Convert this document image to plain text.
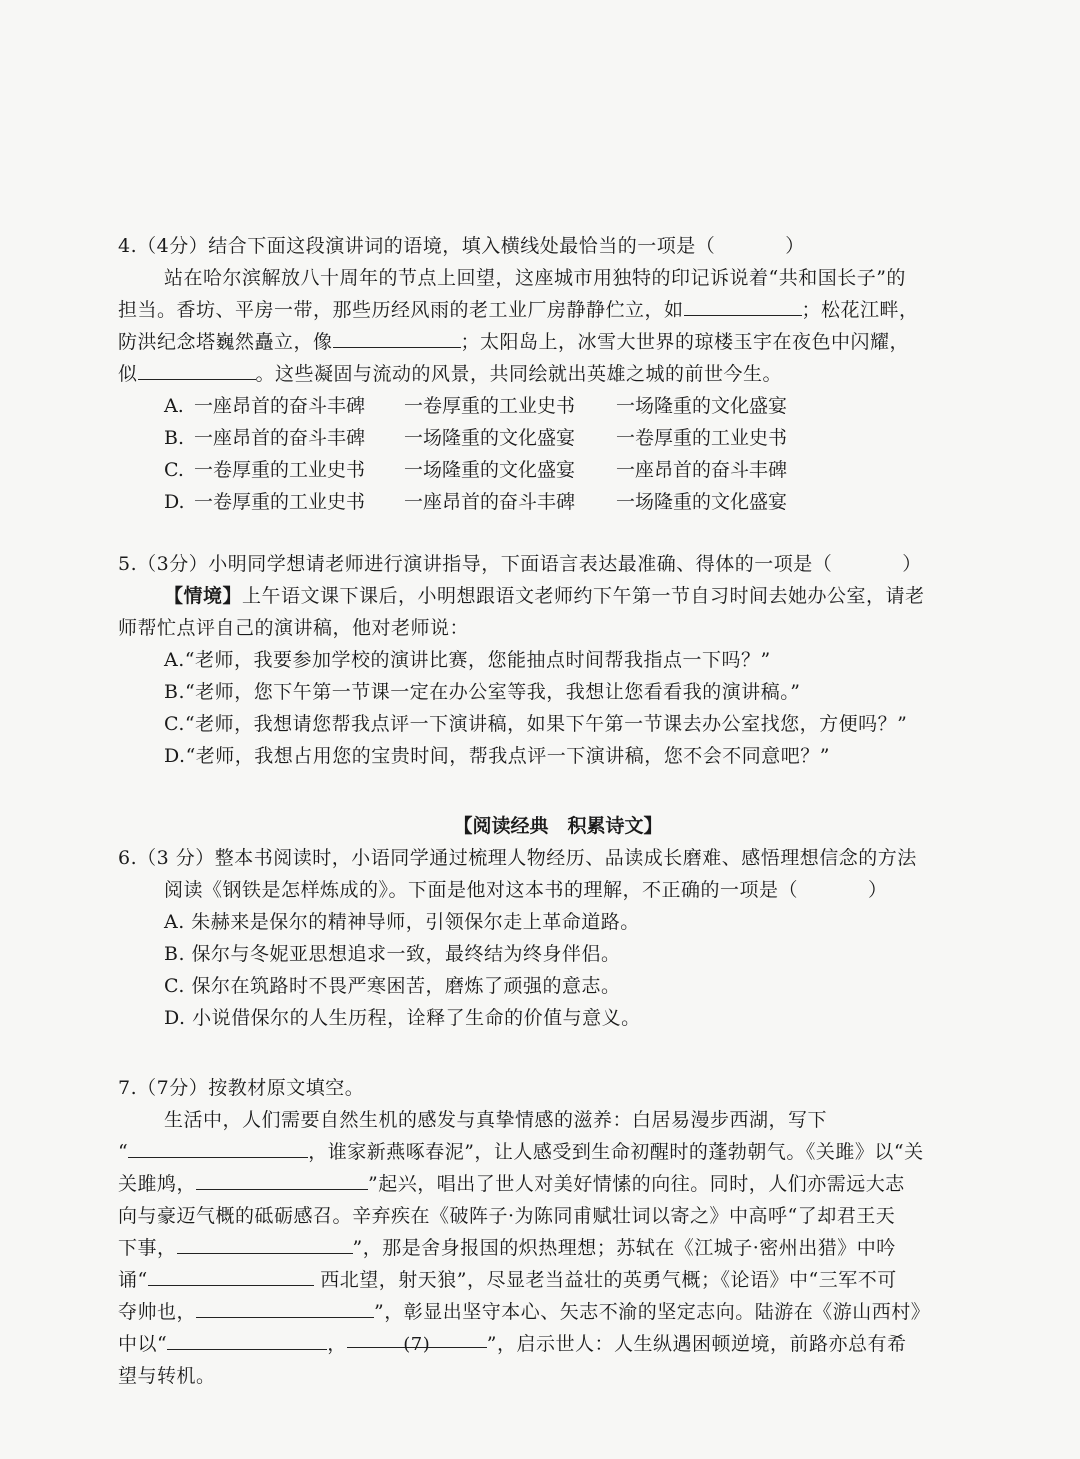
4.（4分）结合下面这段演讲词的语境，填入横线处最恰当的一项是（	）
站在哈尔滨解放八十周年的节点上回望，这座城市用独特的印记诉说着“共和国长子”的
担当。香坊、平房一带，那些历经风雨的老工业厂房静静伫立，如	；松花江畔，
防洪纪念塔巍然矗立，像	；太阳岛上，冰雪大世界的琼楼玉宇在夜色中闪耀，
似	。这些凝固与流动的风景，共同绘就出英雄之城的前世今生。
A. 一座昂首的奋斗丰碑	一卷厚重的工业史书	一场隆重的文化盛宴
B. 一座昂首的奋斗丰碑	一场隆重的文化盛宴	一卷厚重的工业史书
C. 一卷厚重的工业史书	一场隆重的文化盛宴	一座昂首的奋斗丰碑
D. 一卷厚重的工业史书	一座昂首的奋斗丰碑	一场隆重的文化盛宴
5.（3分）小明同学想请老师进行演讲指导，下面语言表达最准确、得体的一项是（	）
【情境】上午语文课下课后，小明想跟语文老师约下午第一节自习时间去她办公室，请老
师帮忙点评自己的演讲稿，他对老师说：
A.“老师，我要参加学校的演讲比赛，您能抽点时间帮我指点一下吗？”
B.“老师，您下午第一节课一定在办公室等我，我想让您看看我的演讲稿。”
C.“老师，我想请您帮我点评一下演讲稿，如果下午第一节课去办公室找您，方便吗？”
D.“老师，我想占用您的宝贵时间，帮我点评一下演讲稿，您不会不同意吧？”
【阅读经典　积累诗文】
6.（3 分）整本书阅读时，小语同学通过梳理人物经历、品读成长磨难、感悟理想信念的方法
阅读《钢铁是怎样炼成的》。下面是他对这本书的理解，不正确的一项是（	）
A. 朱赫来是保尔的精神导师，引领保尔走上革命道路。
B. 保尔与冬妮亚思想追求一致，最终结为终身伴侣。
C. 保尔在筑路时不畏严寒困苦，磨炼了顽强的意志。
D. 小说借保尔的人生历程，诠释了生命的价值与意义。
7.（7分）按教材原文填空。
生活中，人们需要自然生机的感发与真挚情感的滋养：白居易漫步西湖，写下
“	，谁家新燕啄春泥”，让人感受到生命初醒时的蓬勃朝气。《关雎》以“关
关雎鸠，	”起兴，唱出了世人对美好情愫的向往。同时，人们亦需远大志
向与豪迈气概的砥砺感召。辛弃疾在《破阵子·为陈同甫赋壮词以寄之》中高呼“了却君王天
下事，	”，那是舍身报国的炽热理想；苏轼在《江城子·密州出猎》中吟
诵“	西北望，射天狼”，尽显老当益壮的英勇气概；《论语》中“三军不可
夺帅也，	”，彰显出坚守本心、矢志不渝的坚定志向。陆游在《游山西村》
中以“	，	(7)	”，启示世人：人生纵遇困顿逆境，前路亦总有希
望与转机。
